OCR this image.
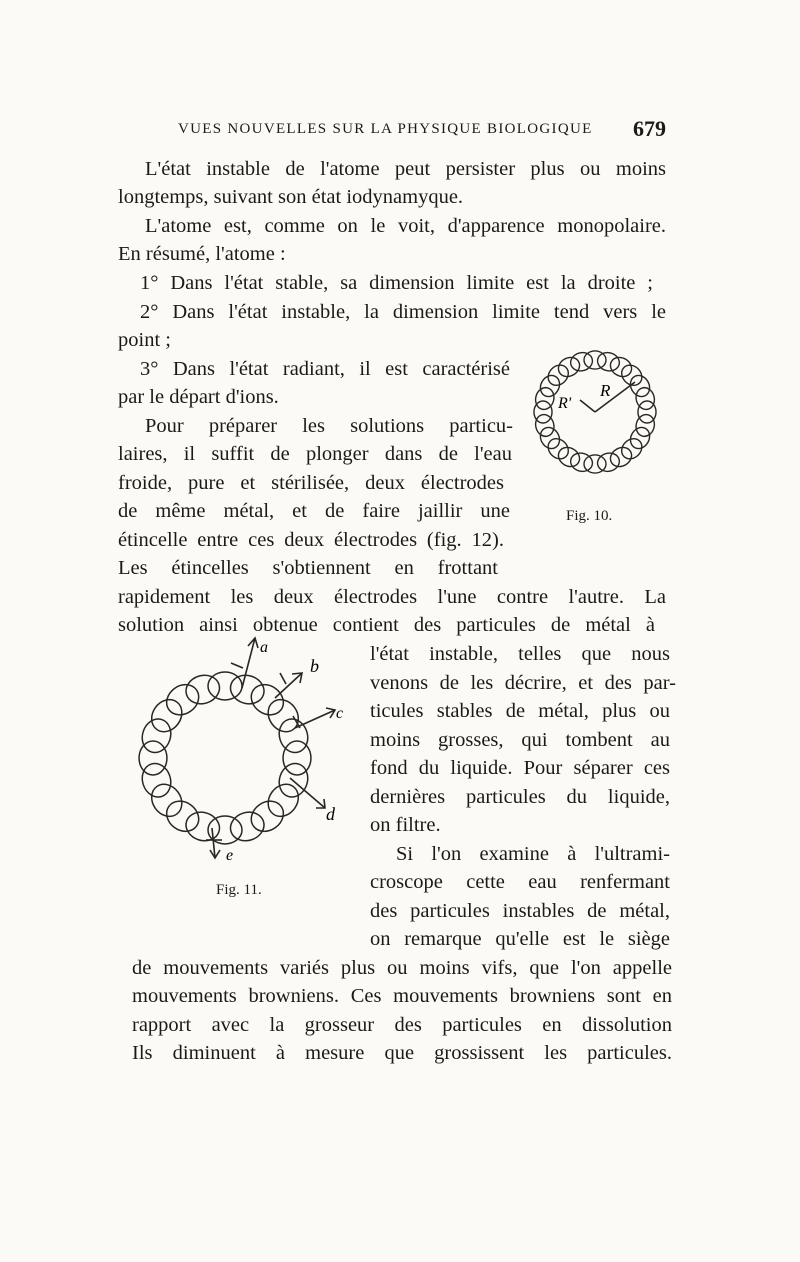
VUES NOUVELLES SUR LA PHYSIQUE BIOLOGIQUE 679
L'état instable de l'atome peut persister plus ou moins
longtemps, suivant son état iodynamyque.
L'atome est, comme on le voit, d'apparence monopolaire.
En résumé, l'atome :
1° Dans l'état stable, sa dimension limite est la droite ;
2° Dans l'état instable, la dimension limite tend vers le
point ;
3° Dans l'état radiant, il est caractérisé
par le départ d'ions.
Pour préparer les solutions particu-
laires, il suffit de plonger dans de l'eau
froide, pure et stérilisée, deux électrodes
de même métal, et de faire jaillir une
étincelle entre ces deux électrodes (fig. 12).
Les étincelles s'obtiennent en frottant
rapidement les deux électrodes l'une contre l'autre. La
solution ainsi obtenue contient des particules de métal à
l'état instable, telles que nous
venons de les décrire, et des par-
ticules stables de métal, plus ou
moins grosses, qui tombent au
fond du liquide. Pour séparer ces
dernières particules du liquide,
on filtre.
Si l'on examine à l'ultrami-
croscope cette eau renfermant
des particules instables de métal,
on remarque qu'elle est le siège
de mouvements variés plus ou moins vifs, que l'on appelle
mouvements browniens. Ces mouvements browniens sont en
rapport avec la grosseur des particules en dissolution
Ils diminuent à mesure que grossissent les particules.
R'
R
Fig. 10.
a
b
c
d
e
Fig. 11.
